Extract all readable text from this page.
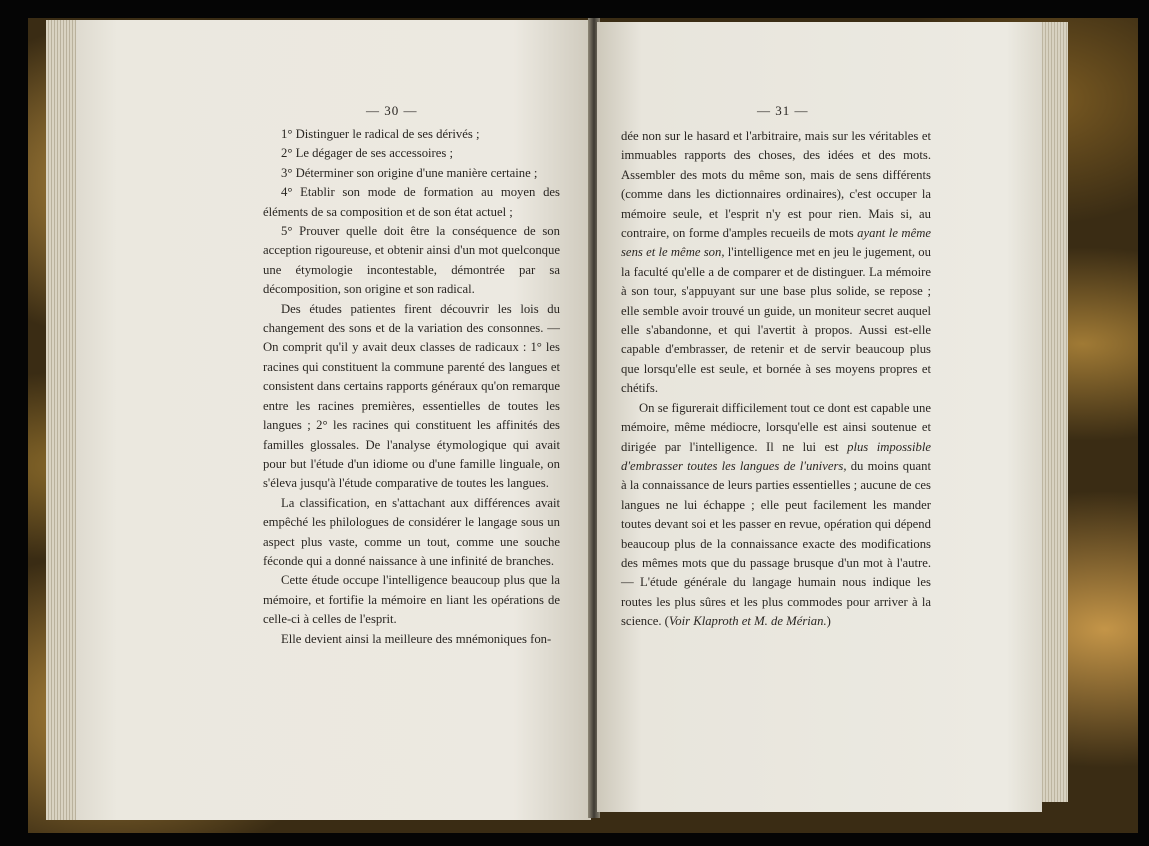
— 30 —

1° Distinguer le radical de ses dérivés ;

2° Le dégager de ses accessoires ;

3° Déterminer son origine d'une manière certaine ;

4° Etablir son mode de formation au moyen des éléments de sa composition et de son état actuel ;

5° Prouver quelle doit être la conséquence de son acception rigoureuse, et obtenir ainsi d'un mot quelconque une étymologie incontestable, démontrée par sa décomposition, son origine et son radical.

Des études patientes firent découvrir les lois du changement des sons et de la variation des consonnes. — On comprit qu'il y avait deux classes de radicaux : 1° les racines qui constituent la commune parenté des langues et consistent dans certains rapports généraux qu'on remarque entre les racines premières, essentielles de toutes les langues ; 2° les racines qui constituent les affinités des familles glossales. De l'analyse étymologique qui avait pour but l'étude d'un idiome ou d'une famille linguale, on s'éleva jusqu'à l'étude comparative de toutes les langues.

La classification, en s'attachant aux différences avait empêché les philologues de considérer le langage sous un aspect plus vaste, comme un tout, comme une souche féconde qui a donné naissance à une infinité de branches.

Cette étude occupe l'intelligence beaucoup plus que la mémoire, et fortifie la mémoire en liant les opérations de celle-ci à celles de l'esprit.

Elle devient ainsi la meilleure des mnémoniques fon-

— 31 —

dée non sur le hasard et l'arbitraire, mais sur les véritables et immuables rapports des choses, des idées et des mots. Assembler des mots du même son, mais de sens différents (comme dans les dictionnaires ordinaires), c'est occuper la mémoire seule, et l'esprit n'y est pour rien. Mais si, au contraire, on forme d'amples recueils de mots ayant le même sens et le même son, l'intelligence met en jeu le jugement, ou la faculté qu'elle a de comparer et de distinguer. La mémoire à son tour, s'appuyant sur une base plus solide, se repose ; elle semble avoir trouvé un guide, un moniteur secret auquel elle s'abandonne, et qui l'avertit à propos. Aussi est-elle capable d'embrasser, de retenir et de servir beaucoup plus que lorsqu'elle est seule, et bornée à ses moyens propres et chétifs.

On se figurerait difficilement tout ce dont est capable une mémoire, même médiocre, lorsqu'elle est ainsi soutenue et dirigée par l'intelligence. Il ne lui est plus impossible d'embrasser toutes les langues de l'univers, du moins quant à la connaissance de leurs parties essentielles ; aucune de ces langues ne lui échappe ; elle peut facilement les mander toutes devant soi et les passer en revue, opération qui dépend beaucoup plus de la connaissance exacte des modifications des mêmes mots que du passage brusque d'un mot à l'autre. — L'étude générale du langage humain nous indique les routes les plus sûres et les plus commodes pour arriver à la science. (Voir Klaproth et M. de Mérian.)
